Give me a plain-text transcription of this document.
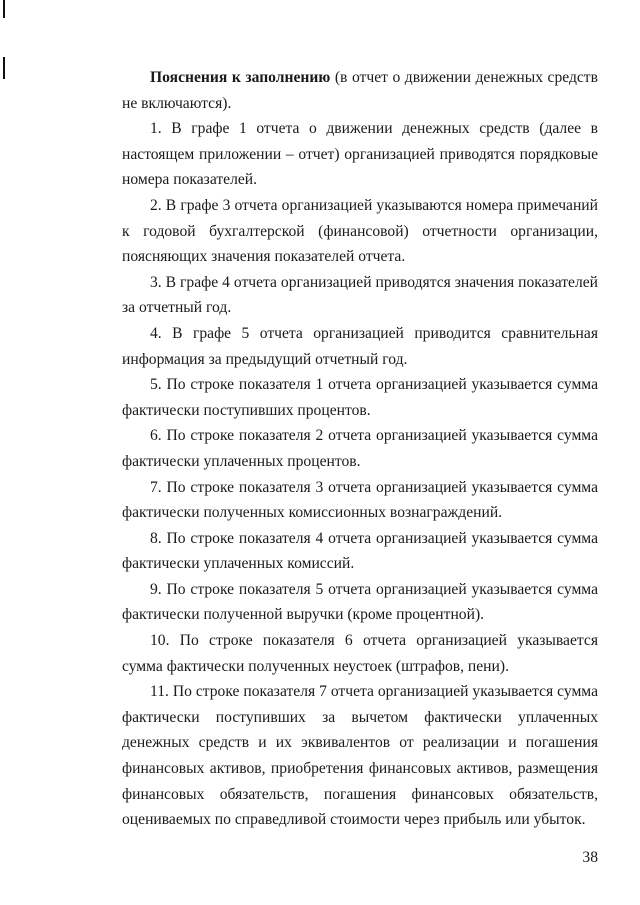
Пояснения к заполнению (в отчет о движении денежных средств не включаются).

1. В графе 1 отчета о движении денежных средств (далее в настоящем приложении – отчет) организацией приводятся порядковые номера показателей.

2. В графе 3 отчета организацией указываются номера примечаний к годовой бухгалтерской (финансовой) отчетности организации, поясняющих значения показателей отчета.

3. В графе 4 отчета организацией приводятся значения показателей за отчетный год.

4. В графе 5 отчета организацией приводится сравнительная информация за предыдущий отчетный год.

5. По строке показателя 1 отчета организацией указывается сумма фактически поступивших процентов.

6. По строке показателя 2 отчета организацией указывается сумма фактически уплаченных процентов.

7. По строке показателя 3 отчета организацией указывается сумма фактически полученных комиссионных вознаграждений.

8. По строке показателя 4 отчета организацией указывается сумма фактически уплаченных комиссий.

9. По строке показателя 5 отчета организацией указывается сумма фактически полученной выручки (кроме процентной).

10. По строке показателя 6 отчета организацией указывается сумма фактически полученных неустоек (штрафов, пени).

11. По строке показателя 7 отчета организацией указывается сумма фактически поступивших за вычетом фактически уплаченных денежных средств и их эквивалентов от реализации и погашения финансовых активов, приобретения финансовых активов, размещения финансовых обязательств, погашения финансовых обязательств, оцениваемых по справедливой стоимости через прибыль или убыток.

38
